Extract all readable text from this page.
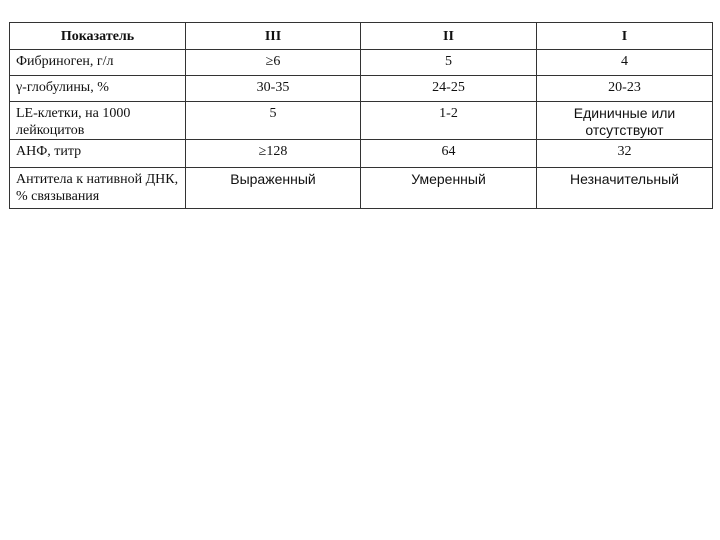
Показатель	III	II	I
Фибриноген, г/л	≥6	5	4
γ-глобулины, %	30-35	24-25	20-23
LE-клетки, на 1000 лейкоцитов	5	1-2	Единичные или отсутствуют
АНФ, титр	≥128	64	32
Антитела к нативной ДНК, % связывания	Выраженный	Умеренный	Незначительный
